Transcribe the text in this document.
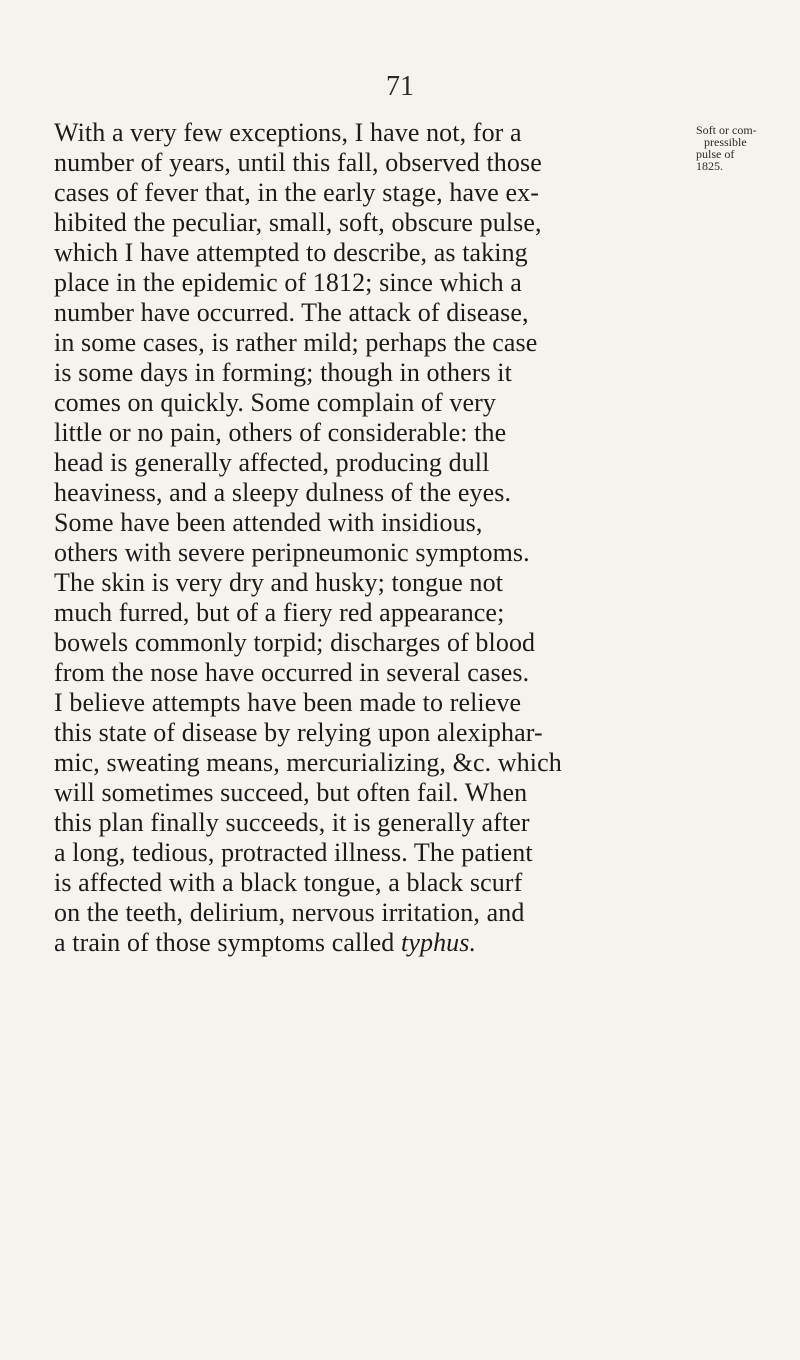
71
Soft or com-
pressible
pulse of
1825.
With a very few exceptions, I have not, for a
number of years, until this fall, observed those
cases of fever that, in the early stage, have ex-
hibited the peculiar, small, soft, obscure pulse,
which I have attempted to describe, as taking
place in the epidemic of 1812; since which a
number have occurred. The attack of disease,
in some cases, is rather mild; perhaps the case
is some days in forming; though in others it
comes on quickly. Some complain of very
little or no pain, others of considerable: the
head is generally affected, producing dull
heaviness, and a sleepy dulness of the eyes.
Some have been attended with insidious,
others with severe peripneumonic symptoms.
The skin is very dry and husky; tongue not
much furred, but of a fiery red appearance;
bowels commonly torpid; discharges of blood
from the nose have occurred in several cases.
I believe attempts have been made to relieve
this state of disease by relying upon alexiphar-
mic, sweating means, mercurializing, &c. which
will sometimes succeed, but often fail. When
this plan finally succeeds, it is generally after
a long, tedious, protracted illness. The patient
is affected with a black tongue, a black scurf
on the teeth, delirium, nervous irritation, and
a train of those symptoms called typhus.
